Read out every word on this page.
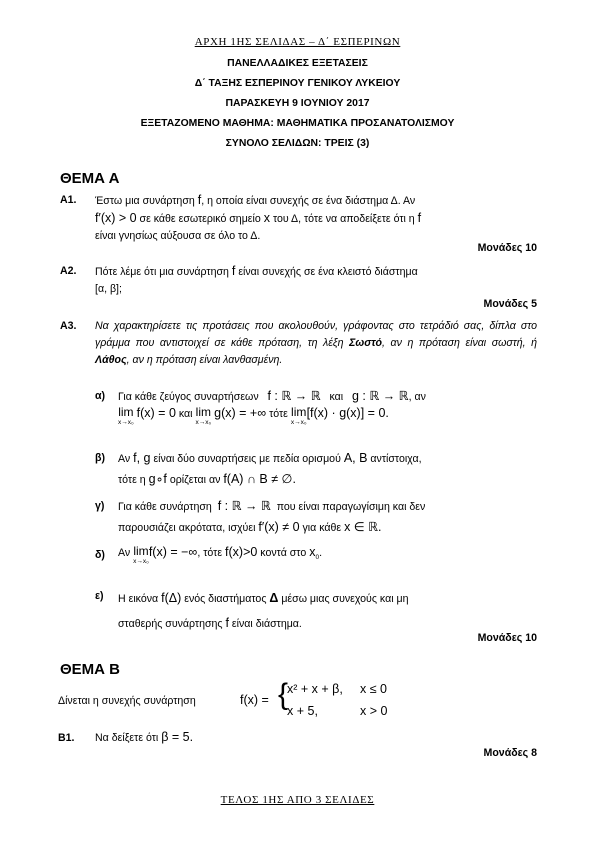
ΑΡΧΗ 1ΗΣ ΣΕΛΙΔΑΣ – Δ΄ ΕΣΠΕΡΙΝΩΝ
ΠΑΝΕΛΛΑΔΙΚΕΣ ΕΞΕΤΑΣΕΙΣ
Δ΄ ΤΑΞΗΣ ΕΣΠΕΡΙΝΟΥ ΓΕΝΙΚΟΥ ΛΥΚΕΙΟΥ
ΠΑΡΑΣΚΕΥΗ 9 ΙΟΥΝΙΟΥ 2017
ΕΞΕΤΑΖΟΜΕΝΟ ΜΑΘΗΜΑ: ΜΑΘΗΜΑΤΙΚΑ ΠΡΟΣΑΝΑΤΟΛΙΣΜΟΥ
ΣΥΝΟΛΟ ΣΕΛΙΔΩΝ: ΤΡΕΙΣ (3)
ΘΕΜΑ Α
Α1. Έστω μια συνάρτηση f, η οποία είναι συνεχής σε ένα διάστημα Δ. Αν
f′(x) > 0 σε κάθε εσωτερικό σημείο x του Δ, τότε να αποδείξετε ότι η f
είναι γνησίως αύξουσα σε όλο το Δ.
Μονάδες 10
Α2. Πότε λέμε ότι μια συνάρτηση f είναι συνεχής σε ένα κλειστό διάστημα
[α, β];
Μονάδες 5
Α3. Να χαρακτηρίσετε τις προτάσεις που ακολουθούν, γράφοντας στο τετράδιό σας, δίπλα στο γράμμα που αντιστοιχεί σε κάθε πρόταση, τη λέξη Σωστό, αν η πρόταση είναι σωστή, ή Λάθος, αν η πρόταση είναι λανθασμένη.
α) Για κάθε ζεύγος συναρτήσεων f : ℝ → ℝ και g : ℝ → ℝ, αν
lim
x→x₀
f(x) = 0 και lim
x→x₀
g(x) = +∞ τότε lim
x→x₀
[f(x) · g(x)] = 0.
β) Αν f, g είναι δύο συναρτήσεις με πεδία ορισμού Α, Β αντίστοιχα,
τότε η g∘f ορίζεται αν f(A) ∩ B ≠ ∅.
γ) Για κάθε συνάρτηση f : ℝ → ℝ που είναι παραγωγίσιμη και δεν
παρουσιάζει ακρότατα, ισχύει f′(x) ≠ 0 για κάθε x ∈ ℝ.
δ) Αν lim
x→x₀
f(x) = −∞, τότε f(x)>0 κοντά στο $x_0$.
ε) Η εικόνα f(Δ) ενός διαστήματος Δ μέσω μιας συνεχούς και μη
σταθερής συνάρτησης f είναι διάστημα.
Μονάδες 10
ΘΕΜΑ Β
Δίνεται η συνεχής συνάρτηση	f(x) = {
x² + x + β, x ≤ 0
x + 5,	x > 0
Β1. Να δείξετε ότι β = 5.
Μονάδες 8
ΤΕΛΟΣ 1ΗΣ ΑΠΟ 3 ΣΕΛΙΔΕΣ
